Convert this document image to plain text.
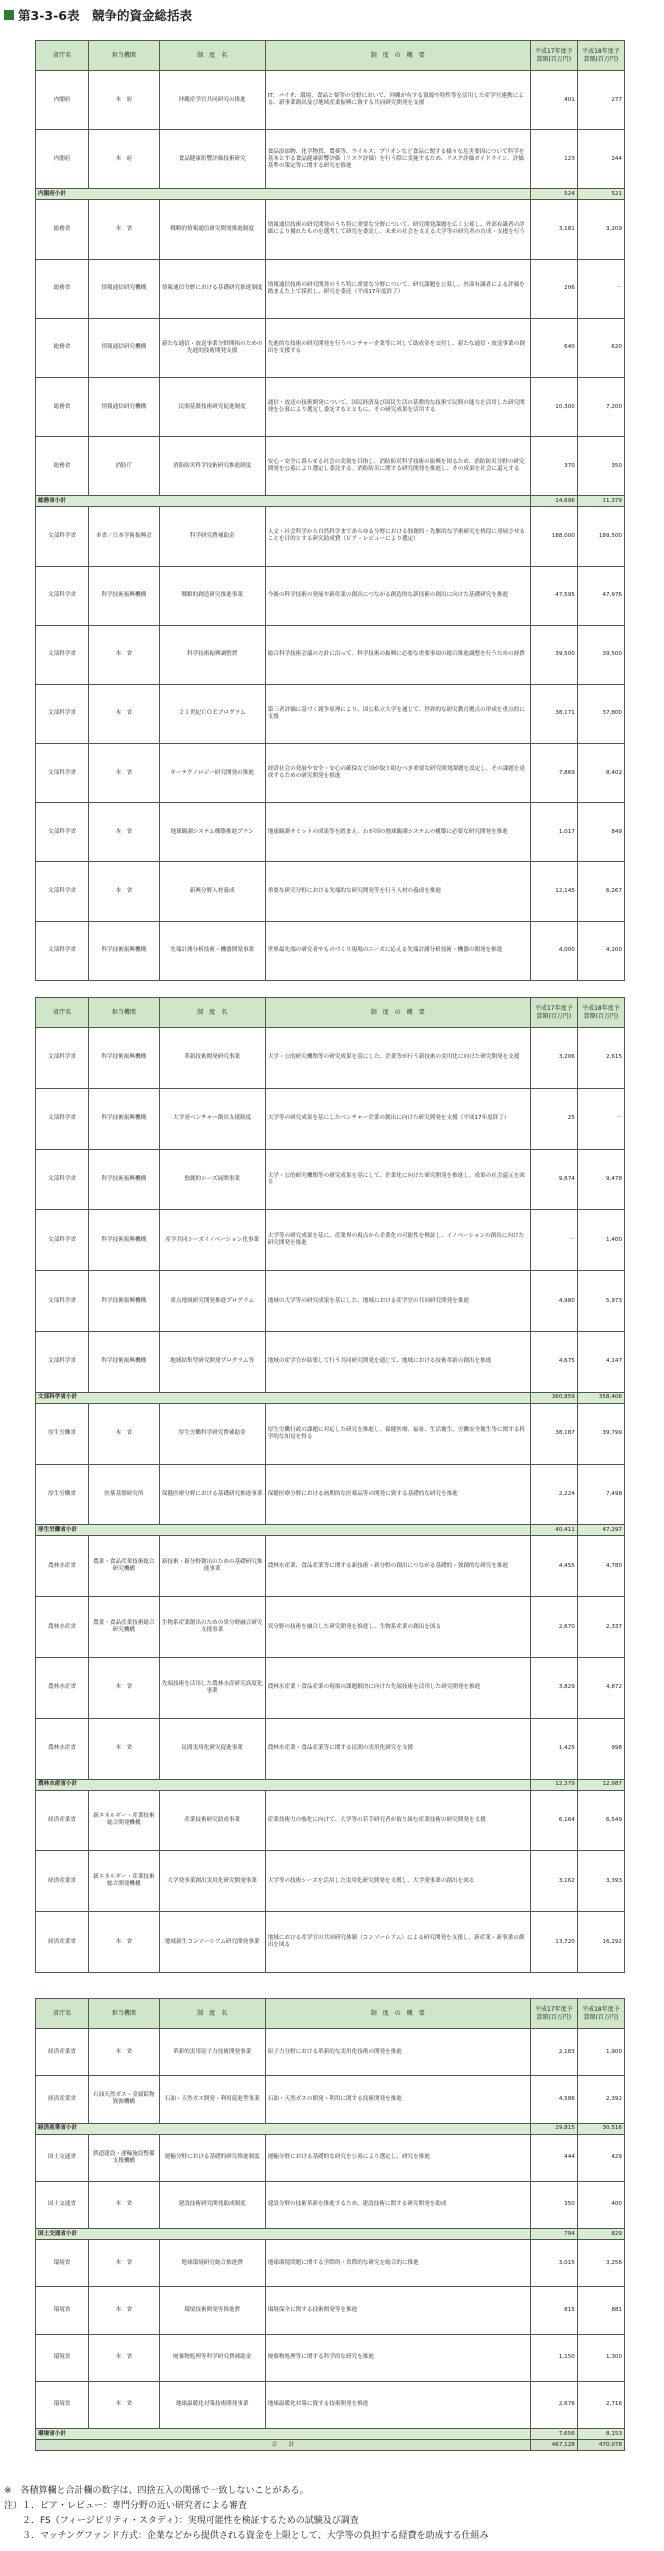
第3-3-6表　競争的資金総括表
省庁名	担当機関	制　度　名	制　度　の　概　要	平成17年度予算額(百万円)	平成18年度予算額(百万円)
内閣府	本　府	沖縄産学官共同研究の推進	IT、バイオ、環境、食品と薬等の分野において、沖縄が有する資源や特性等を活用した産学官連携による、新事業創出及び地域産業振興に資する共同研究開発を支援	401	277
内閣府	本　府	食品健康影響評価技術研究	食品添加物、化学物質、農薬等、ウイルス、プリオンなど食品に関する様々な危害要因について科学を基本とする食品健康影響評価（リスク評価）を行う際に実施するため、リスク評価ガイドライン、評価基準の策定等に関する研究を推進	123	244
内閣府小計				524	521
総務省	本　省	戦略的情報通信研究開発推進制度	情報通信技術の研究開発のうち特に重要な分野について、研究開発課題を広く公募し、外部有識者の評価により優れたものを選考して研究を委託し、未来の社会を支える大学等の研究者の育成・支援を行う	3,181	3,209
総務省	情報通信研究機構	情報通信分野における基礎研究推進制度	情報通信技術の研究開発のうち特に重要な分野について、研究課題を公募し、外部有識者による評価を踏まえた上で採択し、研究を委託（平成17年度終了）	206	－
総務省	情報通信研究機構	新たな通信・放送事業分野開拓のための先進的技術開発支援	先進的な技術の研究開発を行うベンチャー企業等に対して助成金を交付し、新たな通信・放送事業の創出を支援する	640	620
総務省	情報通信研究機構	民間基盤技術研究促進制度	通信・放送の技術開発について、国民経済及び国民生活の基盤的な技術で民間の能力を活用した研究開発を公募により選定し委託するとともに、その研究成果を活用する	10,300	7,200
総務省	消防庁	消防防災科学技術研究推進制度	安心・安全に暮らせる社会の実現を目指し、消防防災科学技術の振興を図るため、消防防災分野の研究開発を公募により選定し委託する。消防防災に関する研究開発を推進し、その成果を社会に還元する	370	350
総務省小計				14,696	11,379
文部科学省	本省／日本学術振興会	科学研究費補助金	人文・社会科学から自然科学まであらゆる分野における独創的・先駆的な学術研究を格段に発展させることを目的とする研究助成費（ピア・レビューにより選定）	188,000	189,500
文部科学省	科学技術振興機構	戦略的創造研究推進事業	今後の科学技術の発展や新産業の創出につながる創造的な新技術の創出に向けた基礎研究を推進	47,595	47,976
文部科学省	本　省	科学技術振興調整費	総合科学技術会議の方針に沿って、科学技術の振興に必要な重要事項の総合推進調整を行うための経費	39,500	39,500
文部科学省	本　省	２１世紀ＣＯＥプログラム	第三者評価に基づく競争原理により、国公私立大学を通じて、世界的な研究教育拠点の形成を重点的に支援	38,171	37,800
文部科学省	本　省	キーテクノロジー研究開発の推進	経済社会の発展や安全・安心の確保など国が取り組むべき重要な研究開発課題を設定し、その課題を達成するための研究開発を推進	7,869	8,402
文部科学省	本　省	地球観測システム構築推進プラン	地球観測サミットの成果等を踏まえ、わが国の地球観測システムの構築に必要な研究開発を推進	1,017	849
文部科学省	本　省	新興分野人材養成	重要な研究分野における先端的な研究開発等を行う人材の養成を推進	12,145	6,267
文部科学省	科学技術振興機構	先端計測分析技術・機器開発事業	世界最先端の研究者やものづくり現場のニーズに応える先端計測分析技術・機器の開発を推進	4,000	4,200
省庁名	担当機関	制　度　名	制　度　の　概　要	平成17年度予算額(百万円)	平成18年度予算額(百万円)
文部科学省	科学技術振興機構	革新技術開発研究事業	大学・公的研究機関等の研究成果を基にした、企業等が行う新技術の実用化に向けた研究開発を支援	3,206	2,615
文部科学省	科学技術振興機構	大学発ベンチャー創出支援制度	大学等の研究成果を基にしたベンチャー企業の創出に向けた研究開発を支援（平成17年度終了）	25	－
文部科学省	科学技術振興機構	独創的シーズ展開事業	大学・公的研究機関等の研究成果を基にして、企業化に向けた研究開発を推進し、成果の社会還元を図る	9,674	9,478
文部科学省	科学技術振興機構	産学共同シーズイノベーション化事業	大学等の研究成果を基に、産業界の視点から企業化の可能性を検証し、イノベーションの創出に向けた研究開発を推進	－	1,400
文部科学省	科学技術振興機構	重点地域研究開発推進プログラム	地域の大学等の研究成果を基にした、地域における産学官の共同研究開発を推進	4,980	5,973
文部科学省	科学技術振興機構	地域結集型研究開発プログラム等	地域の産学官が結集して行う共同研究開発を通じて、地域における技術革新の創出を推進	4,675	4,147
文部科学省小計				360,859	358,406
厚生労働省	本　省	厚生労働科学研究費補助金	厚生労働行政の課題に対応した研究を推進し、保健医療、福祉、生活衛生、労働安全衛生等に関する科学的な知見を得る	38,187	39,799
厚生労働省	医薬基盤研究所	保健医療分野における基礎研究推進事業	保健医療分野における画期的な医薬品等の開発に資する基礎的な研究を推進	2,224	7,498
厚生労働省小計				40,411	47,297
農林水産省	農業・食品産業技術総合研究機構	新技術・新分野創出のための基礎研究推進事業	農林水産業、食品産業等に関する新技術・新分野の創出につながる基礎的・独創的な研究を推進	4,455	4,780
農林水産省	農業・食品産業技術総合研究機構	生物系産業創出のための異分野融合研究支援事業	異分野の技術を融合した研究開発を推進し、生物系産業の創出を図る	2,670	2,337
農林水産省	本　省	先端技術を活用した農林水産研究高度化事業	農林水産業・食品産業の現場の課題解決に向けた先端技術を活用した研究開発を推進	3,829	4,872
農林水産省	本　省	民間実用化研究促進事業	農林水産業・食品産業等に関する民間の実用化研究を支援	1,425	998
農林水産省小計				12,379	12,987
経済産業省	新エネルギー・産業技術総合開発機構	産業技術研究助成事業	産業技術力の強化に向けて、大学等の若手研究者が取り組む産業技術の研究開発を支援	6,164	6,549
経済産業省	新エネルギー・産業技術総合開発機構	大学発事業創出実用化研究開発事業	大学等の技術シーズを活用した実用化研究開発を支援し、大学発事業の創出を図る	3,162	3,393
経済産業省	本　省	地域新生コンソーシアム研究開発事業	地域における産学官の共同研究体制（コンソーシアム）による研究開発を支援し、新産業・新事業の創出を図る	13,720	16,292
省庁名	担当機関	制　度　名	制　度　の　概　要	平成17年度予算額(百万円)	平成18年度予算額(百万円)
経済産業省	本　省	革新的実用原子力技術開発事業	原子力分野における革新的な実用化技術の開発を推進	2,183	1,900
経済産業省	石油天然ガス・金属鉱物資源機構	石油・天然ガス開発・利用促進型事業	石油・天然ガスの開発・利用に関する技術開発を推進	4,586	2,392
経済産業省小計				29,815	30,516
国土交通省	鉄道建設・運輸施設整備支援機構	運輸分野における基礎的研究推進制度	運輸分野における基礎的な研究を公募により選定し、研究を推進	444	429
国土交通省	本　省	建設技術研究開発助成制度	建設分野の技術革新を推進するため、建設技術に関する研究開発を助成	350	400
国土交通省小計				794	829
環境省	本　省	地球環境研究総合推進費	地球環境問題に関する学際的・省際的な研究を総合的に推進	3,015	3,256
環境省	本　省	環境技術開発等推進費	環境保全に関する技術開発等を推進	815	881
環境省	本　省	廃棄物処理等科学研究費補助金	廃棄物処理等に関する科学的な研究を推進	1,150	1,300
環境省	本　省	地球温暖化対策技術開発事業	地球温暖化対策に資する技術開発を推進	2,676	2,716
環境省小計				7,656	8,153
合　　計				467,128	470,078
※　各積算欄と合計欄の数字は、四捨五入の関係で一致しないことがある。
注）１．ピア・レビュー：専門分野の近い研究者による審査
　　２．FS（フィージビリティ・スタディ）：実現可能性を検証するための試験及び調査
　　３．マッチングファンド方式：企業などから提供される資金を上限として、大学等の負担する経費を助成する仕組み
